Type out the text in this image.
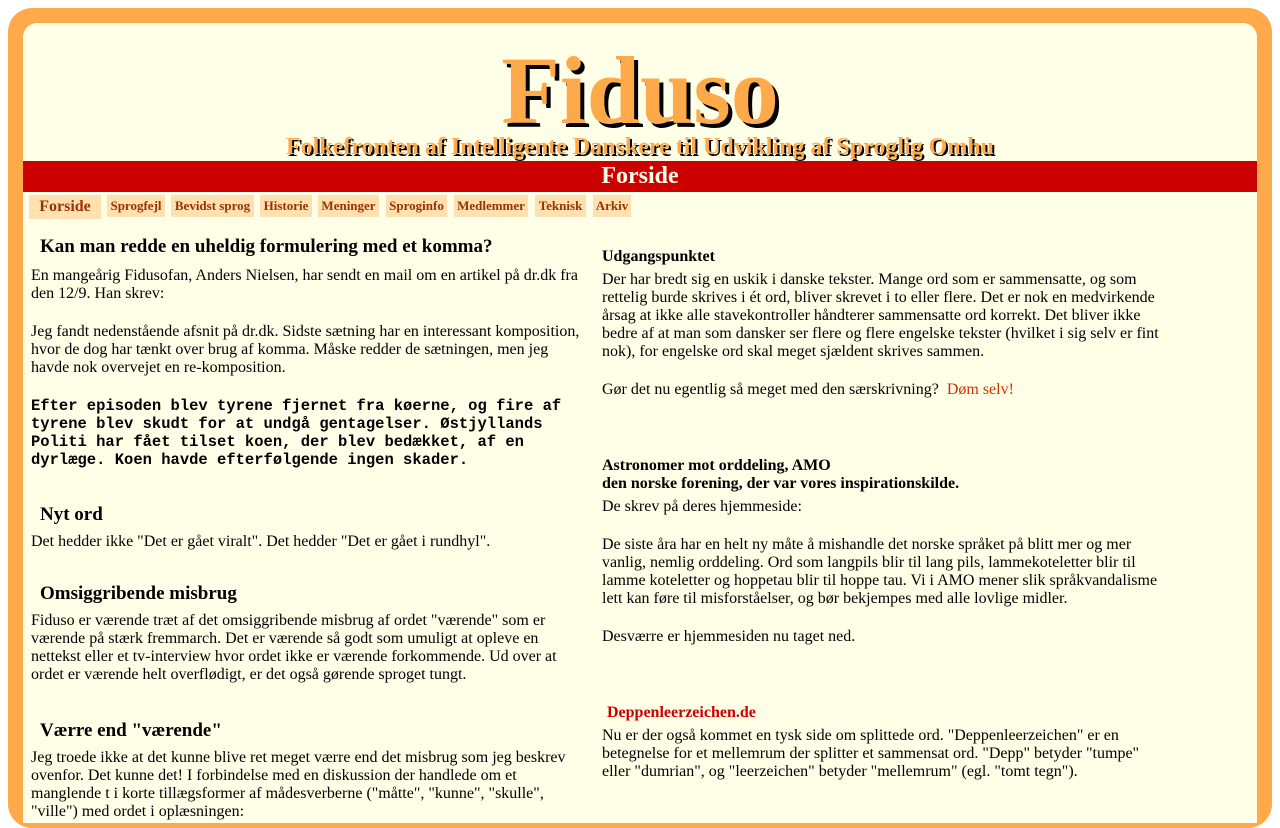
Fiduso
Folkefronten af Intelligente Danskere til Udvikling af Sproglig Omhu
Forside
Forside	Sprogfejl Bevidst sprog Historie Meninger Sproginfo Medlemmer Teknisk Arkiv
Kan man redde en uheldig formulering med et komma?

En mangeårig Fidusofan, Anders Nielsen, har sendt en mail om en artikel på dr.dk fra den 12/9. Han skrev:

Jeg fandt nedenstående afsnit på dr.dk. Sidste sætning har en interessant komposition, hvor de dog har tænkt over brug af komma. Måske redder de sætningen, men jeg havde nok overvejet en re-komposition.

Efter episoden blev tyrene fjernet fra køerne, og fire af tyrene blev skudt for at undgå gentagelser. Østjyllands Politi har fået tilset koen, der blev bedækket, af en dyrlæge. Koen havde efterfølgende ingen skader.

Nyt ord

Det hedder ikke "Det er gået viralt". Det hedder "Det er gået i rundhyl".

Omsiggribende misbrug

Fiduso er værende træt af det omsiggribende misbrug af ordet "værende" som er værende på stærk fremmarch. Det er værende så godt som umuligt at opleve en nettekst eller et tv-interview hvor ordet ikke er værende forkommende. Ud over at ordet er værende helt overflødigt, er det også gørende sproget tungt.

Værre end "værende"

Jeg troede ikke at det kunne blive ret meget værre end det misbrug som jeg beskrev ovenfor. Det kunne det! I forbindelse med en diskussion der handlede om et manglende t i korte tillægsformer af mådesverberne ("måtte", "kunne", "skulle", "ville") med ordet i oplæsningen:

Udgangspunktet

Der har bredt sig en uskik i danske tekster. Mange ord som er sammensatte, og som rettelig burde skrives i ét ord, bliver skrevet i to eller flere. Det er nok en medvirkende årsag at ikke alle stavekontroller håndterer sammensatte ord korrekt. Det bliver ikke bedre af at man som dansker ser flere og flere engelske tekster (hvilket i sig selv er fint nok), for engelske ord skal meget sjældent skrives sammen.

Gør det nu egentlig så meget med den særskrivning? Døm selv!

Astronomer mot orddeling, AMO
den norske forening, der var vores inspirationskilde.

De skrev på deres hjemmeside:

De siste åra har en helt ny måte å mishandle det norske språket på blitt mer og mer vanlig, nemlig orddeling. Ord som langpils blir til lang pils, lammekoteletter blir til lamme koteletter og hoppetau blir til hoppe tau. Vi i AMO mener slik språkvandalisme lett kan føre til misforståelser, og bør bekjempes med alle lovlige midler.

Desværre er hjemmesiden nu taget ned.

Deppenleerzeichen.de

Nu er der også kommet en tysk side om splittede ord. "Deppenleerzeichen" er en betegnelse for et mellemrum der splitter et sammensat ord. "Depp" betyder "tumpe" eller "dumrian", og "leerzeichen" betyder "mellemrum" (egl. "tomt tegn").
